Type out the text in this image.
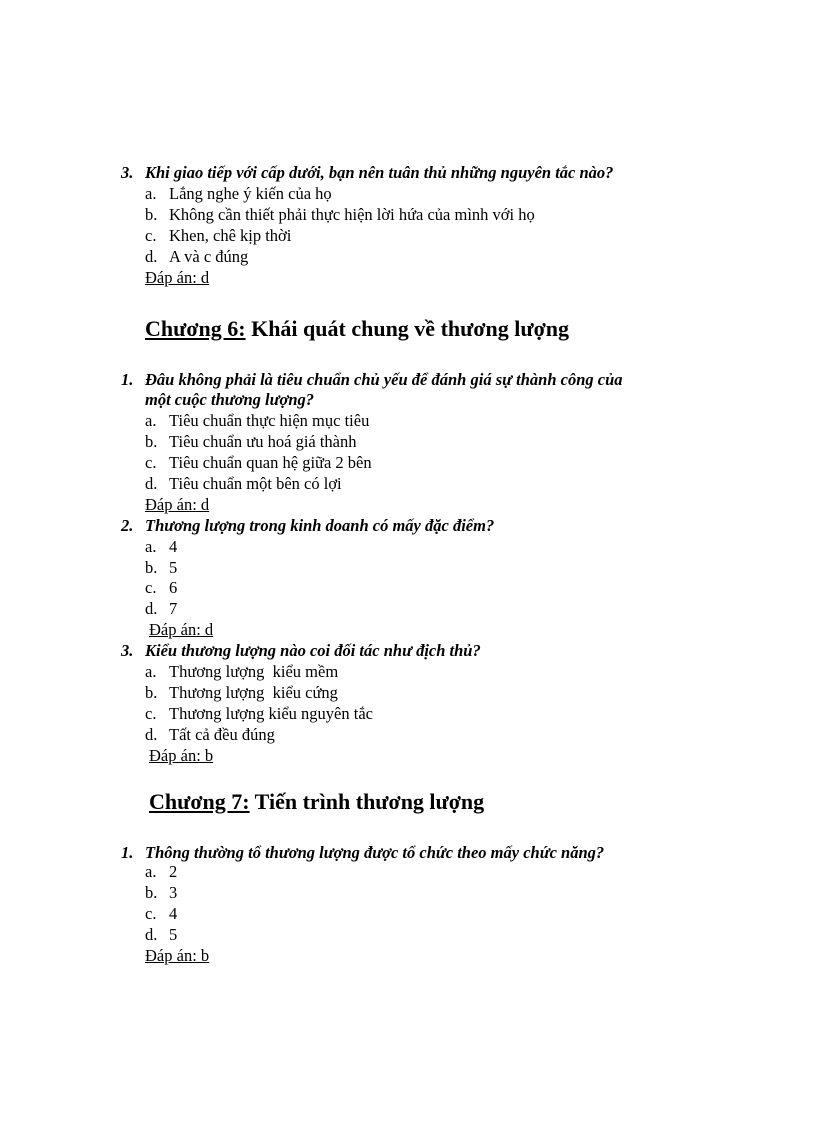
3. Khi giao tiếp với cấp dưới, bạn nên tuân thủ những nguyên tắc nào?
a. Lắng nghe ý kiến của họ
b. Không cần thiết phải thực hiện lời hứa của mình với họ
c. Khen, chê kịp thời
d. A và c đúng
Đáp án: d
Chương 6: Khái quát chung về thương lượng
1. Đâu không phải là tiêu chuẩn chủ yếu để đánh giá sự thành công của
một cuộc thương lượng?
a. Tiêu chuẩn thực hiện mục tiêu
b. Tiêu chuẩn ưu hoá giá thành
c. Tiêu chuẩn quan hệ giữa 2 bên
d. Tiêu chuẩn một bên có lợi
Đáp án: d
2. Thương lượng trong kinh doanh có mấy đặc điểm?
a. 4
b. 5
c. 6
d. 7
Đáp án: d
3. Kiểu thương lượng nào coi đối tác như địch thủ?
a. Thương lượng  kiểu mềm
b. Thương lượng  kiểu cứng
c. Thương lượng kiểu nguyên tắc
d. Tất cả đều đúng
Đáp án: b
Chương 7: Tiến trình thương lượng
1. Thông thường tổ thương lượng được tổ chức theo mấy chức năng?
a. 2
b. 3
c. 4
d. 5
Đáp án: b
